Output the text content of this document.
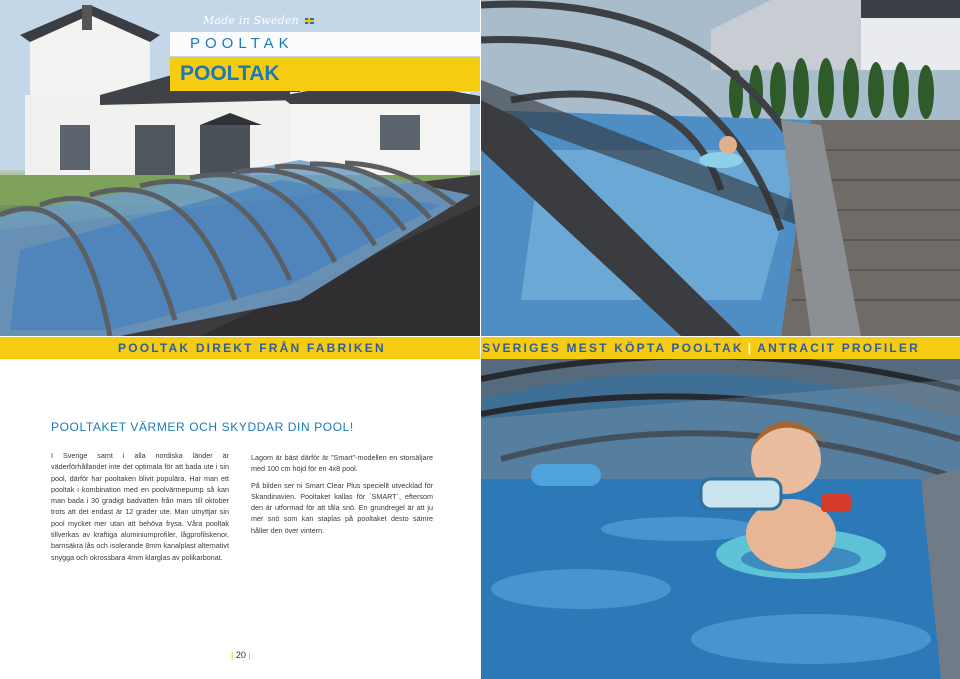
Made in Sweden
POOLTAK
POOLTAK
POOLTAK DIREKT FRÅN FABRIKEN
POOLTAKET VÄRMER OCH SKYDDAR DIN POOL!

I Sverige samt i alla nordiska länder är väderförhållandet inte det optimala för att bada ute i sin pool, därför har pooltaken blivit populära. Har man ett pooltak i kombination med en poolvärmepump så kan man bada i 30 gradigt badvatten från mars till oktober trots att det endast är 12 grader ute. Man utnyttjar sin pool mycket mer utan att behöva frysa. Våra pooltak tillverkas av kraftiga aluminiumprofiler, lågprofilskenor, barnsäkra lås och isolerande 8mm kanalplast alternativt snygga och okrossbara 4mm klarglas av polikarbonat.

Lagom är bäst därför är ”Smart”-modellen en storsäljare med 100 cm höjd för en 4x8 pool.

På bilden ser ni Smart Clear Plus speciellt utvecklad för Skandinavien. Pooltaket kallas för ´SMART´, eftersom den är utformad för att tåla snö. En grundregel är att ju mer snö som kan staplas på pooltaket desto sämre håller den över vintern.

| 20 |
SVERIGES MEST KÖPTA POOLTAK | ANTRACIT PROFILER
